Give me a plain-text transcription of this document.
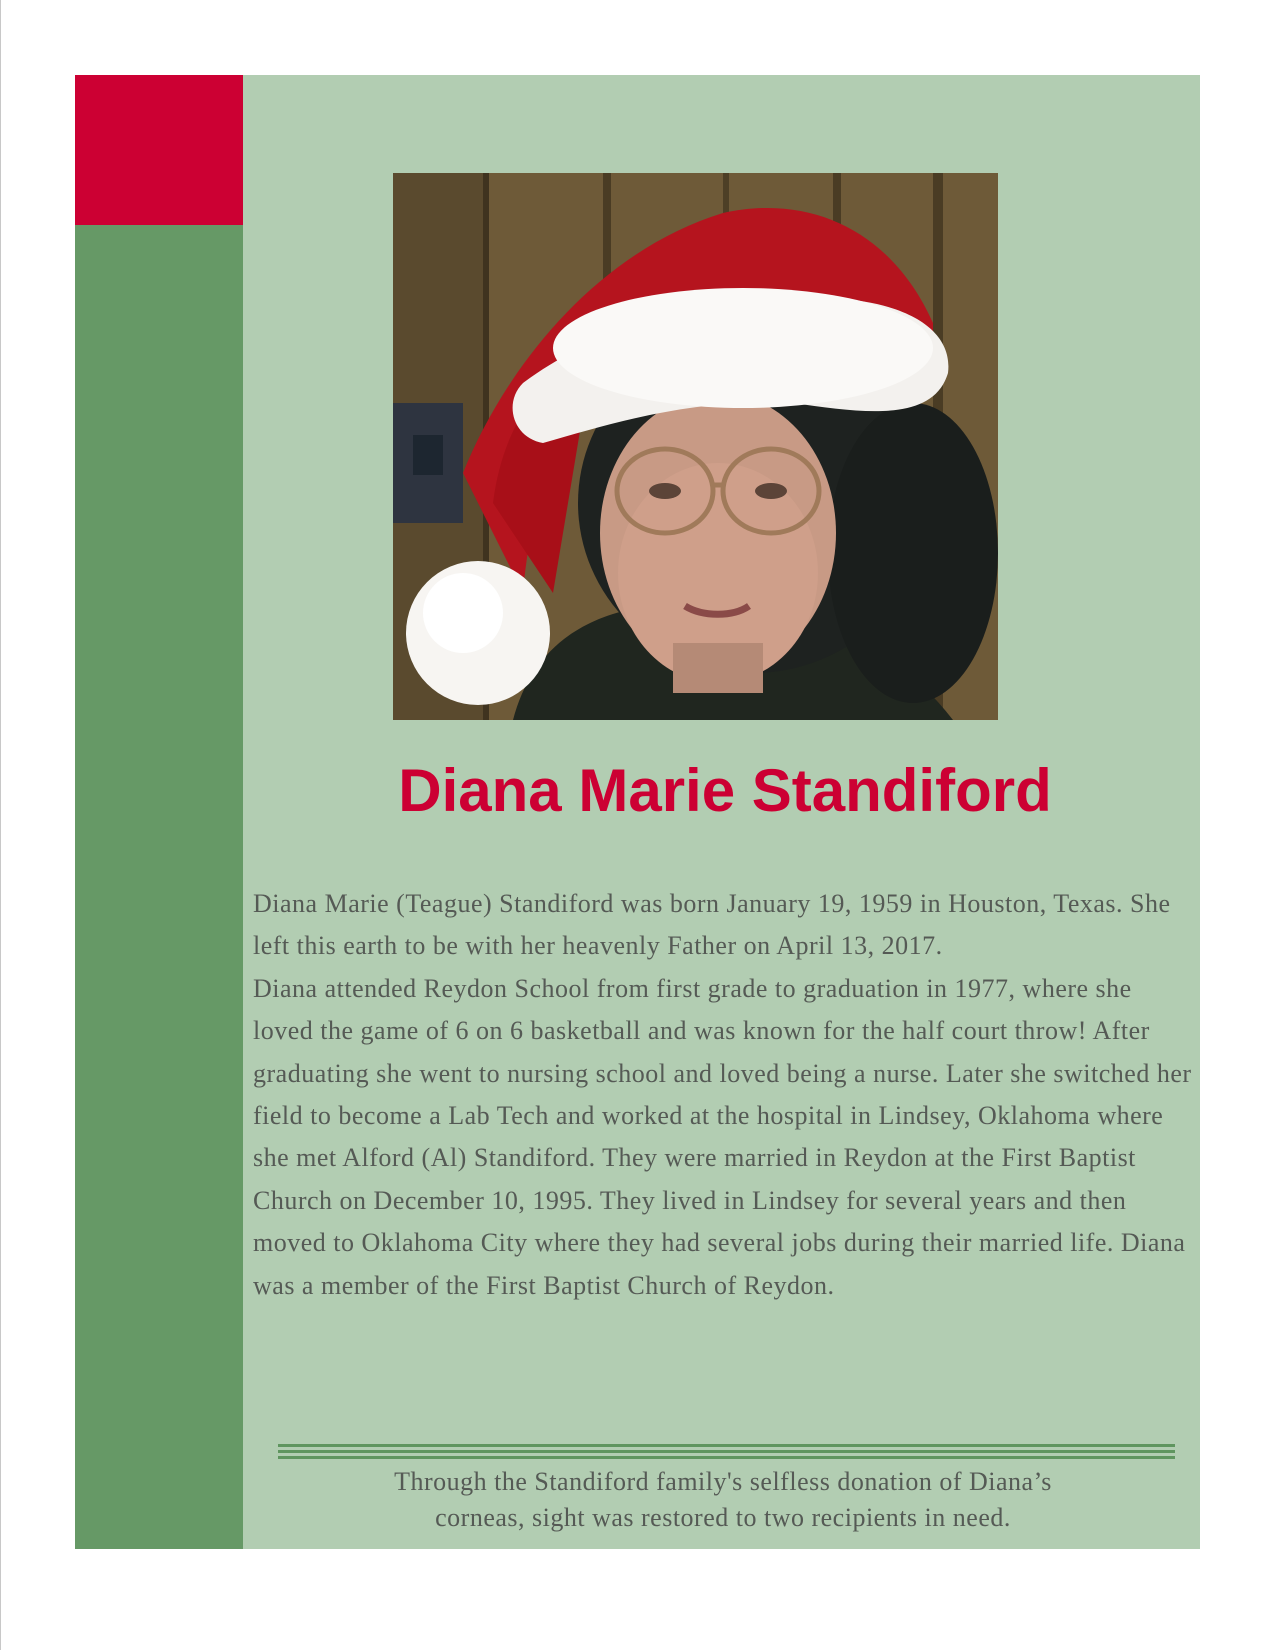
Diana Marie Standiford

Diana Marie (Teague) Standiford was born January 19, 1959 in Houston, Texas. She left this earth to be with her heavenly Father on April 13, 2017.

Diana attended Reydon School from first grade to graduation in 1977, where she loved the game of 6 on 6 basketball and was known for the half court throw! After graduating she went to nursing school and loved being a nurse. Later she switched her field to become a Lab Tech and worked at the hospital in Lindsey, Oklahoma where she met Alford (Al) Standiford. They were married in Reydon at the First Baptist Church on December 10, 1995. They lived in Lindsey for several years and then moved to Oklahoma City where they had several jobs during their married life. Diana was a member of the First Baptist Church of Reydon.

Through the Standiford family's selfless donation of Diana’s

corneas, sight was restored to two recipients in need.
